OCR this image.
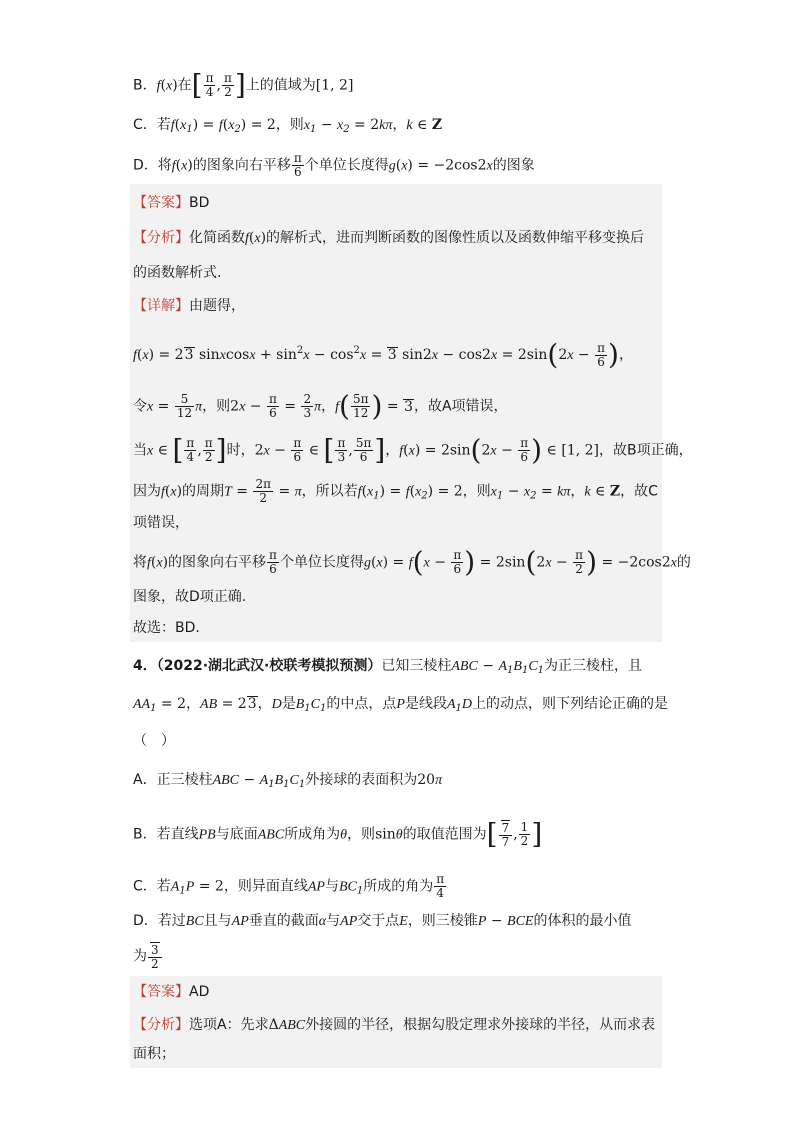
B．f(x)在[ $\frac{\pi}{4}$ , $\frac{\pi}{2}$ ]上的值域为[1, 2]
C．若$f(x_1) = f(x_2) = 2$，则$x_1 - x_2 = 2k\pi$，k ∈ Z
D．将f(x)的图象向右平移 $\frac{\pi}{6}$ 个单位长度得g(x) = −2cos2x的图象
【答案】BD
【分析】化简函数f(x)的解析式，进而判断函数的图像性质以及函数伸缩平移变换后
的函数解析式.
【详解】由题得，
f(x) = 23 sinxcosx + $\sin^2x - \cos^2x = 3$ $\sin 2x - \cos 2x = 2\sin(2x - \frac{\pi}{6}$ )，
令$x = \frac{5}{12}$ π，则$2x - \frac{\pi}{6} = \frac{2}{3}$ π，$f( \frac{5\pi}{12}$ ) = 3，故A项错误，
当x ∈ [ $\frac{\pi}{4}$ , $\frac{\pi}{2}$ ]时，$2x - \frac{\pi}{6}$ ∈ [ $\frac{\pi}{3}$ , $\frac{5\pi}{6}$ ]，$f(x) = 2\sin(2x - \frac{\pi}{6}$ ) ∈ [1, 2]，故B项正确，
因为f(x)的周期$T = \frac{2\pi}{2} = \pi$，所以若$f(x_1) = f(x_2) = 2$，则$x_1 - x_2 = k\pi$，k ∈ Z，故C
项错误，
将f(x)的图象向右平移 $\frac{\pi}{6}$ 个单位长度得$g(x) = f(x - \frac{\pi}{6}$ ) = $2\sin(2x - \frac{\pi}{2}$ ) = −2cos2x的
图象，故D项正确.
故选：BD.
4．（2022·湖北武汉·校联考模拟预测）已知三棱柱ABC − $A_1B_1C_1$为正三棱柱，且
$AA_1 = 2$，AB = 23，D是$B_1C_1$的中点，点P是线段$A_1D$上的动点，则下列结论正确的是
（　）
A．正三棱柱ABC − $A_1B_1C_1$外接球的表面积为20π
B．若直线PB与底面ABC所成角为θ，则sinθ的取值范围为[ $\frac{7}{7}$ , $\frac{1}{2}$ ]
C．若$A_1P = 2$，则异面直线AP与$BC_1$所成的角为 $\frac{\pi}{4}$
D．若过BC且与AP垂直的截面α与AP交于点E，则三棱锥P − BCE的体积的最小值
为 $\frac{3}{2}$
【答案】AD
【分析】选项A：先求ΔABC外接圆的半径，根据勾股定理求外接球的半径，从而求表
面积；
